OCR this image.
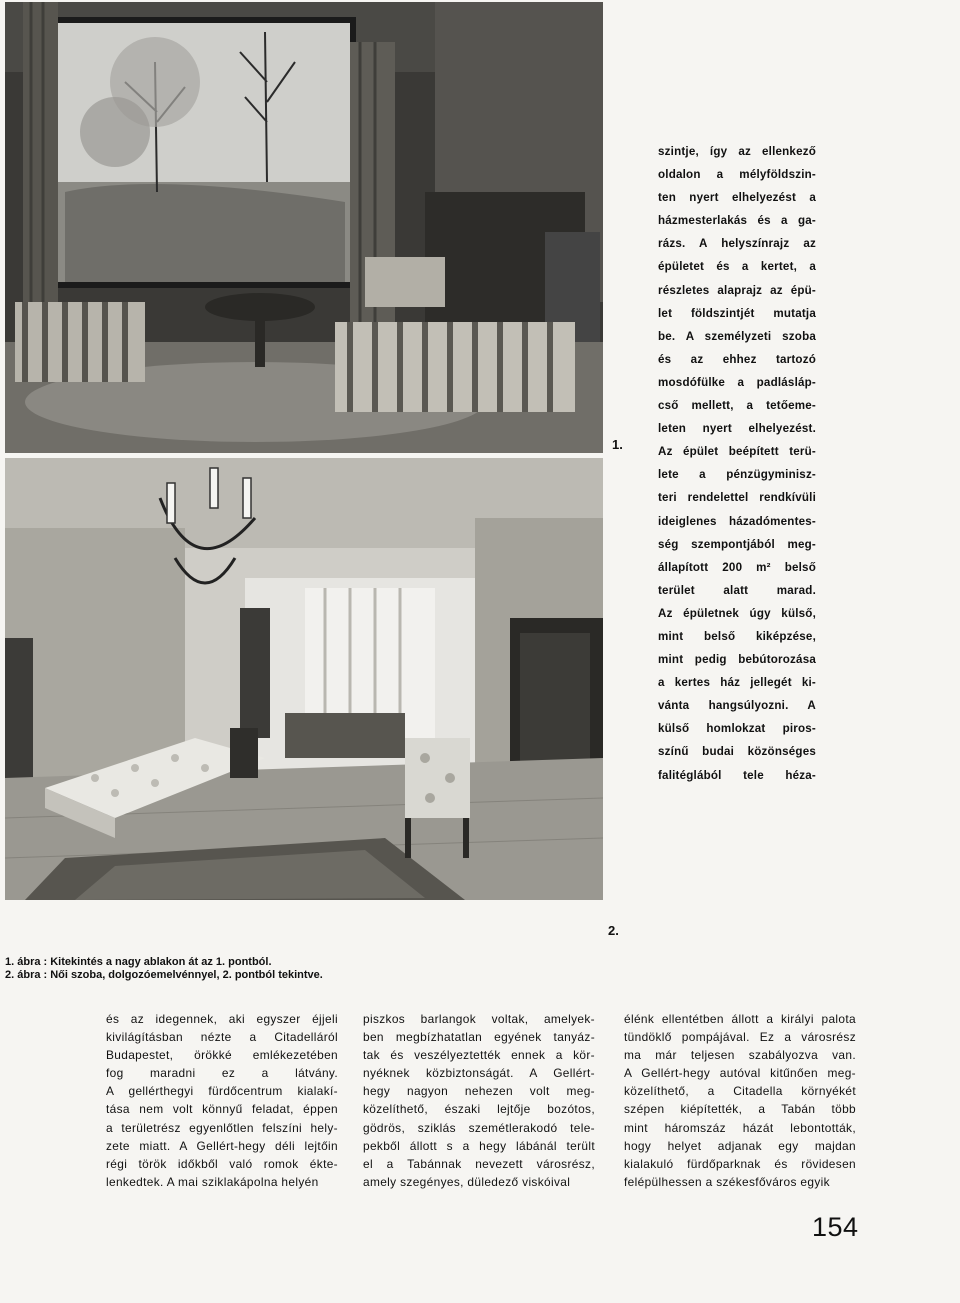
1.
2.
szintje, így az ellenkező
oldalon a mélyföldszin-
ten nyert elhelyezést a
házmesterlakás és a ga-
rázs. A helyszínrajz az
épületet és a kertet, a
részletes alaprajz az épü-
let földszintjét mutatja
be. A személyzeti szoba
és az ehhez tartozó
mosdófülke a padlásláp-
cső mellett, a tetőeme-
leten nyert elhelyezést.
Az épület beépített terü-
lete a pénzügyminisz-
teri rendelettel rendkívüli
ideiglenes házadómentes-
ség szempontjából meg-
állapított 200 m² belső
terület alatt marad.
Az épületnek úgy külső,
mint belső kiképzése,
mint pedig bebútorozása
a kertes ház jellegét ki-
vánta hangsúlyozni. A
külső homlokzat piros-
színű budai közönséges
falitéglából tele héza-
1. ábra : Kitekintés a nagy ablakon át az 1. pontból.
2. ábra : Női szoba, dolgozóemelvénnyel, 2. pontból tekintve.
és az idegennek, aki egyszer éjjeli
kivilágításban nézte a Citadelláról
Budapestet, örökké emlékezetében
fog maradni ez a látvány.
A gellérthegyi fürdőcentrum kialakí-
tása nem volt könnyű feladat, éppen
a területrész egyenlőtlen felszíni hely-
zete miatt. A Gellért-hegy déli lejtőin
régi török időkből való romok ékte-
lenkedtek. A mai sziklakápolna helyén
piszkos barlangok voltak, amelyek-
ben megbízhatatlan egyének tanyáz-
tak és veszélyeztették ennek a kör-
nyéknek közbiztonságát. A Gellért-
hegy nagyon nehezen volt meg-
közelíthető, északi lejtője bozótos,
gödrös, sziklás szemétlerakodó tele-
pekből állott s a hegy lábánál terült
el a Tabánnak nevezett városrész,
amely szegényes, düledező viskóival
élénk ellentétben állott a királyi palota
tündöklő pompájával. Ez a városrész
ma már teljesen szabályozva van.
A Gellért-hegy autóval kitűnően meg-
közelíthető, a Citadella környékét
szépen kiépítették, a Tabán több
mint háromszáz házát lebontották,
hogy helyet adjanak egy majdan
kialakuló fürdőparknak és rövidesen
felépülhessen a székesfőváros egyik
154
